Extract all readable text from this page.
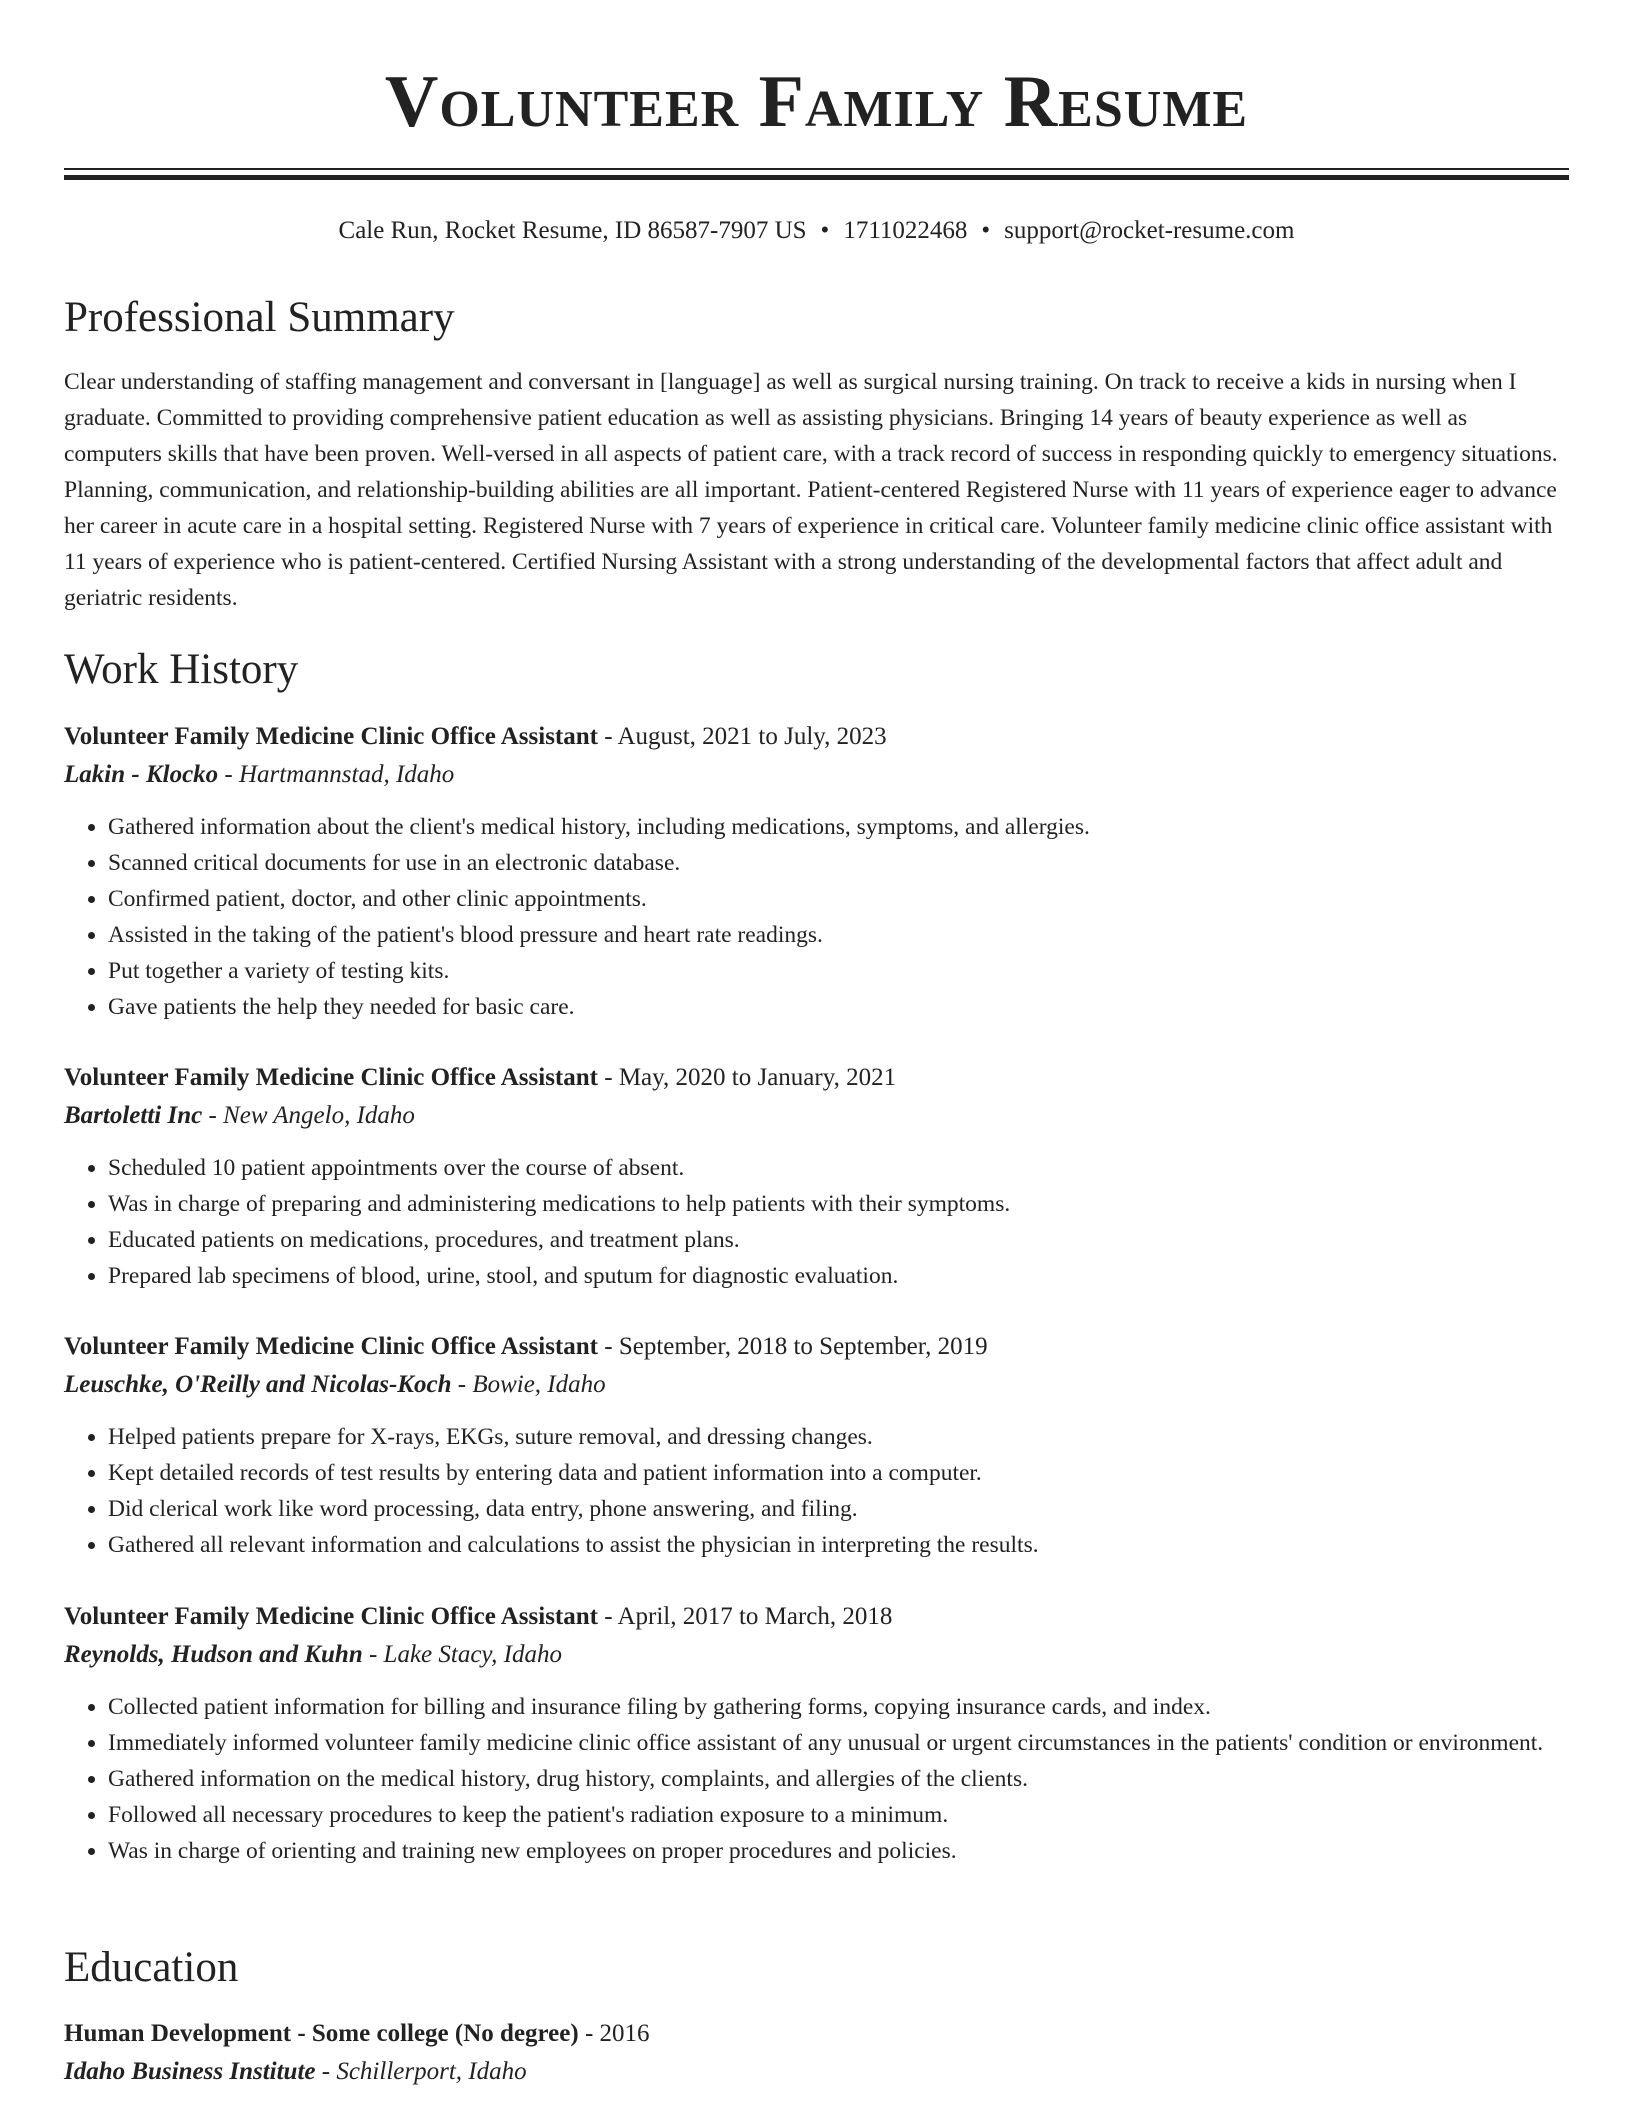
Volunteer Family Resume
Cale Run, Rocket Resume, ID 86587-7907 US • 1711022468 • support@rocket-resume.com
Professional Summary

Clear understanding of staffing management and conversant in [language] as well as surgical nursing training. On track to receive a kids in nursing when I graduate. Committed to providing comprehensive patient education as well as assisting physicians. Bringing 14 years of beauty experience as well as computers skills that have been proven. Well-versed in all aspects of patient care, with a track record of success in responding quickly to emergency situations. Planning, communication, and relationship-building abilities are all important. Patient-centered Registered Nurse with 11 years of experience eager to advance her career in acute care in a hospital setting. Registered Nurse with 7 years of experience in critical care. Volunteer family medicine clinic office assistant with 11 years of experience who is patient-centered. Certified Nursing Assistant with a strong understanding of the developmental factors that affect adult and geriatric residents.

Work History
Volunteer Family Medicine Clinic Office Assistant - August, 2021 to July, 2023
Lakin - Klocko - Hartmannstad, Idaho
• Gathered information about the client's medical history, including medications, symptoms, and allergies.
• Scanned critical documents for use in an electronic database.
• Confirmed patient, doctor, and other clinic appointments.
• Assisted in the taking of the patient's blood pressure and heart rate readings.
• Put together a variety of testing kits.
• Gave patients the help they needed for basic care.
Volunteer Family Medicine Clinic Office Assistant - May, 2020 to January, 2021
Bartoletti Inc - New Angelo, Idaho
• Scheduled 10 patient appointments over the course of absent.
• Was in charge of preparing and administering medications to help patients with their symptoms.
• Educated patients on medications, procedures, and treatment plans.
• Prepared lab specimens of blood, urine, stool, and sputum for diagnostic evaluation.
Volunteer Family Medicine Clinic Office Assistant - September, 2018 to September, 2019
Leuschke, O'Reilly and Nicolas-Koch - Bowie, Idaho
• Helped patients prepare for X-rays, EKGs, suture removal, and dressing changes.
• Kept detailed records of test results by entering data and patient information into a computer.
• Did clerical work like word processing, data entry, phone answering, and filing.
• Gathered all relevant information and calculations to assist the physician in interpreting the results.
Volunteer Family Medicine Clinic Office Assistant - April, 2017 to March, 2018
Reynolds, Hudson and Kuhn - Lake Stacy, Idaho
• Collected patient information for billing and insurance filing by gathering forms, copying insurance cards, and index.
• Immediately informed volunteer family medicine clinic office assistant of any unusual or urgent circumstances in the patients' condition or environment.
• Gathered information on the medical history, drug history, complaints, and allergies of the clients.
• Followed all necessary procedures to keep the patient's radiation exposure to a minimum.
• Was in charge of orienting and training new employees on proper procedures and policies.
Education
Human Development - Some college (No degree) - 2016
Idaho Business Institute - Schillerport, Idaho
